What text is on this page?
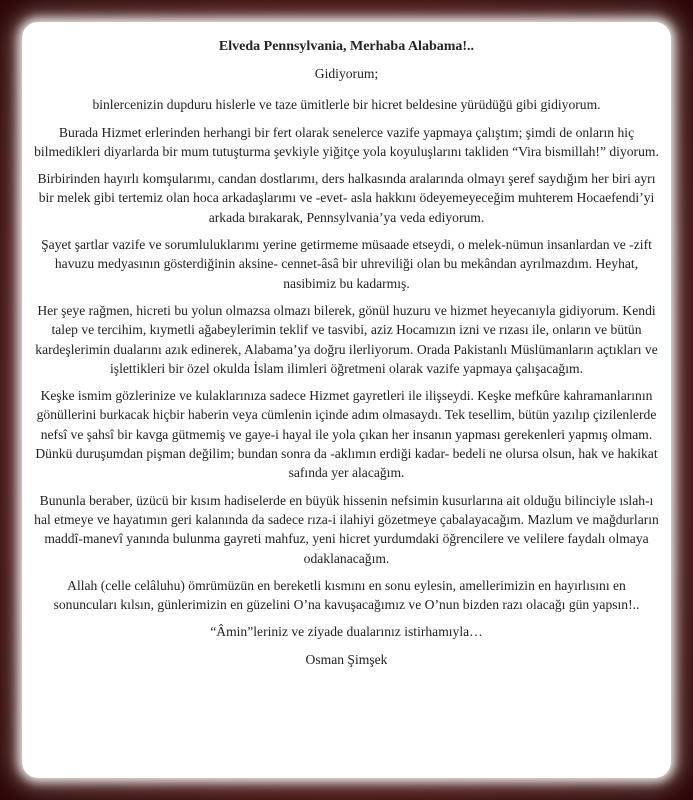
Elveda Pennsylvania, Merhaba Alabama!..

Gidiyorum;

binlercenizin dupduru hislerle ve taze ümitlerle bir hicret beldesine yürüdüğü gibi gidiyorum.

Burada Hizmet erlerinden herhangi bir fert olarak senelerce vazife yapmaya çalıştım; şimdi de onların hiç bilmedikleri diyarlarda bir mum tutuşturma şevkiyle yiğitçe yola koyuluşlarını takliden “Vira bismillah!” diyorum.

Birbirinden hayırlı komşularımı, candan dostlarımı, ders halkasında aralarında olmayı şeref saydığım her biri ayrı bir melek gibi tertemiz olan hoca arkadaşlarımı ve -evet- asla hakkını ödeyemeyeceğim muhterem Hocaefendi’yi arkada bırakarak, Pennsylvania’ya veda ediyorum.

Şayet şartlar vazife ve sorumluluklarımı yerine getirmeme müsaade etseydi, o melek-nümun insanlardan ve -zift havuzu medyasının gösterdiğinin aksine- cennet-âsâ bir uhreviliği olan bu mekândan ayrılmazdım. Heyhat, nasibimiz bu kadarmış.

Her şeye rağmen, hicreti bu yolun olmazsa olmazı bilerek, gönül huzuru ve hizmet heyecanıyla gidiyorum. Kendi talep ve tercihim, kıymetli ağabeylerimin teklif ve tasvibi, aziz Hocamızın izni ve rızası ile, onların ve bütün kardeşlerimin dualarını azık edinerek, Alabama’ya doğru ilerliyorum. Orada Pakistanlı Müslümanların açtıkları ve işlettikleri bir özel okulda İslam ilimleri öğretmeni olarak vazife yapmaya çalışacağım.

Keşke ismim gözlerinize ve kulaklarınıza sadece Hizmet gayretleri ile ilişseydi. Keşke mefkûre kahramanlarının gönüllerini burkacak hiçbir haberin veya cümlenin içinde adım olmasaydı. Tek tesellim, bütün yazılıp çizilenlerde nefsî ve şahsî bir kavga gütmemiş ve gaye-i hayal ile yola çıkan her insanın yapması gerekenleri yapmış olmam. Dünkü duruşumdan pişman değilim; bundan sonra da -aklımın erdiği kadar- bedeli ne olursa olsun, hak ve hakikat safında yer alacağım.

Bununla beraber, üzücü bir kısım hadiselerde en büyük hissenin nefsimin kusurlarına ait olduğu bilinciyle ıslah-ı hal etmeye ve hayatımın geri kalanında da sadece rıza-i ilahiyi gözetmeye çabalayacağım. Mazlum ve mağdurların maddî-manevî yanında bulunma gayreti mahfuz, yeni hicret yurdumdaki öğrencilere ve velilere faydalı olmaya odaklanacağım.

Allah (celle celâluhu) ömrümüzün en bereketli kısmını en sonu eylesin, amellerimizin en hayırlısını en sonuncuları kılsın, günlerimizin en güzelini O’na kavuşacağımız ve O’nun bizden razı olacağı gün yapsın!..

“Âmin”leriniz ve ziyade dualarınız istirhamıyla…

Osman Şimşek
